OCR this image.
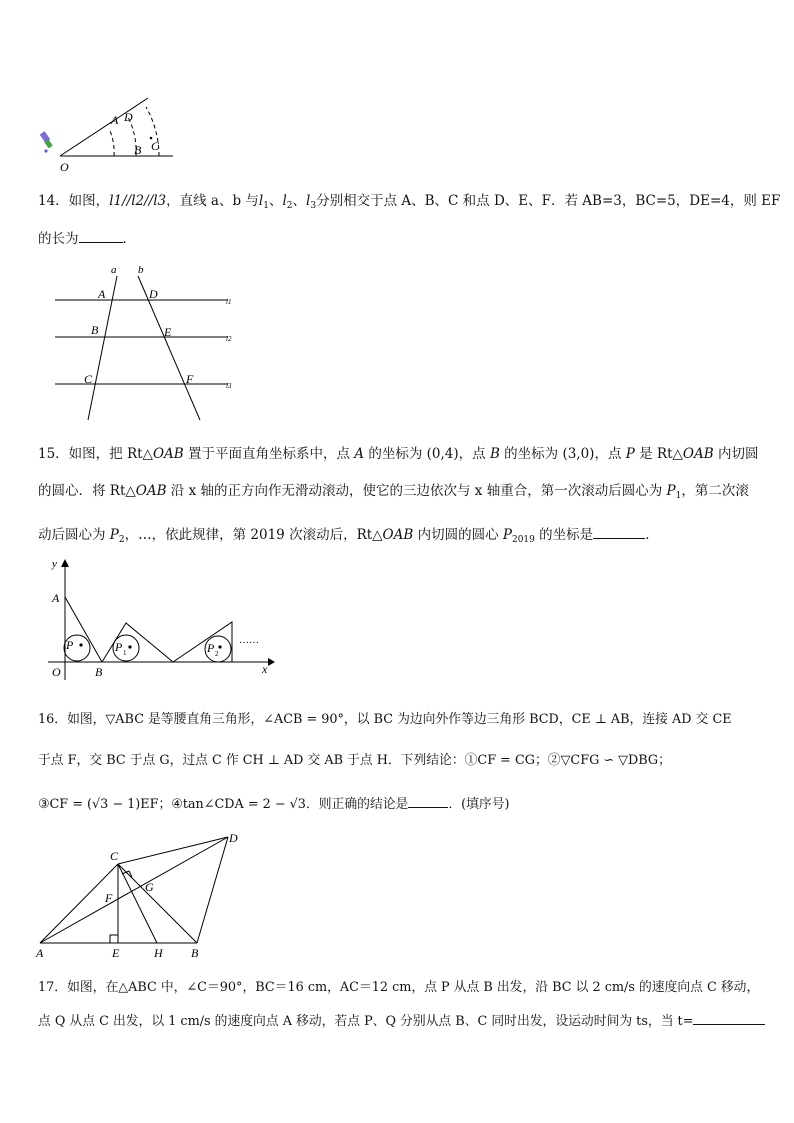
A D
B C
O
14．如图，l1//l2//l3，直线 a、b 与$l_1$、$l_2$、$l_3$分别相交于点 A、B、C 和点 D、E、F．若 AB=3，BC=5，DE=4，则 EF
的长为	．
a b
A	D
B	E
C	F
l1
l2
l3
15．如图，把 Rt△OAB 置于平面直角坐标系中，点 A 的坐标为 (0,4)，点 B 的坐标为 (3,0)，点 P 是 Rt△OAB 内切圆
的圆心．将 Rt△OAB 沿 x 轴的正方向作无滑动滚动，使它的三边依次与 x 轴重合，第一次滚动后圆心为 $P_1$，第二次滚
动后圆心为 $P_2$，…，依此规律，第 2019 次滚动后，Rt△OAB 内切圆的圆心 $P_{2019}$ 的坐标是	．
y
x
A
O	B
P	P 1	P 2
……
16．如图，▽ABC 是等腰直角三角形，∠ACB = 90°，以 BC 为边向外作等边三角形 BCD，CE ⊥ AB，连接 AD 交 CE
于点 F，交 BC 于点 G，过点 C 作 CH ⊥ AD 交 AB 于点 H．下列结论：①CF = CG；②▽CFG ∽ ▽DBG；
③CF = (√3 − 1)EF；④tan∠CDA = 2 − √3．则正确的结论是	．(填序号)
C
D
F
G
A	E	H B
17．如图，在△ABC 中，∠C＝90°，BC＝16 cm，AC＝12 cm，点 P 从点 B 出发，沿 BC 以 2 cm/s 的速度向点 C 移动，
点 Q 从点 C 出发，以 1 cm/s 的速度向点 A 移动，若点 P、Q 分别从点 B、C 同时出发，设运动时间为 ts，当 t=
